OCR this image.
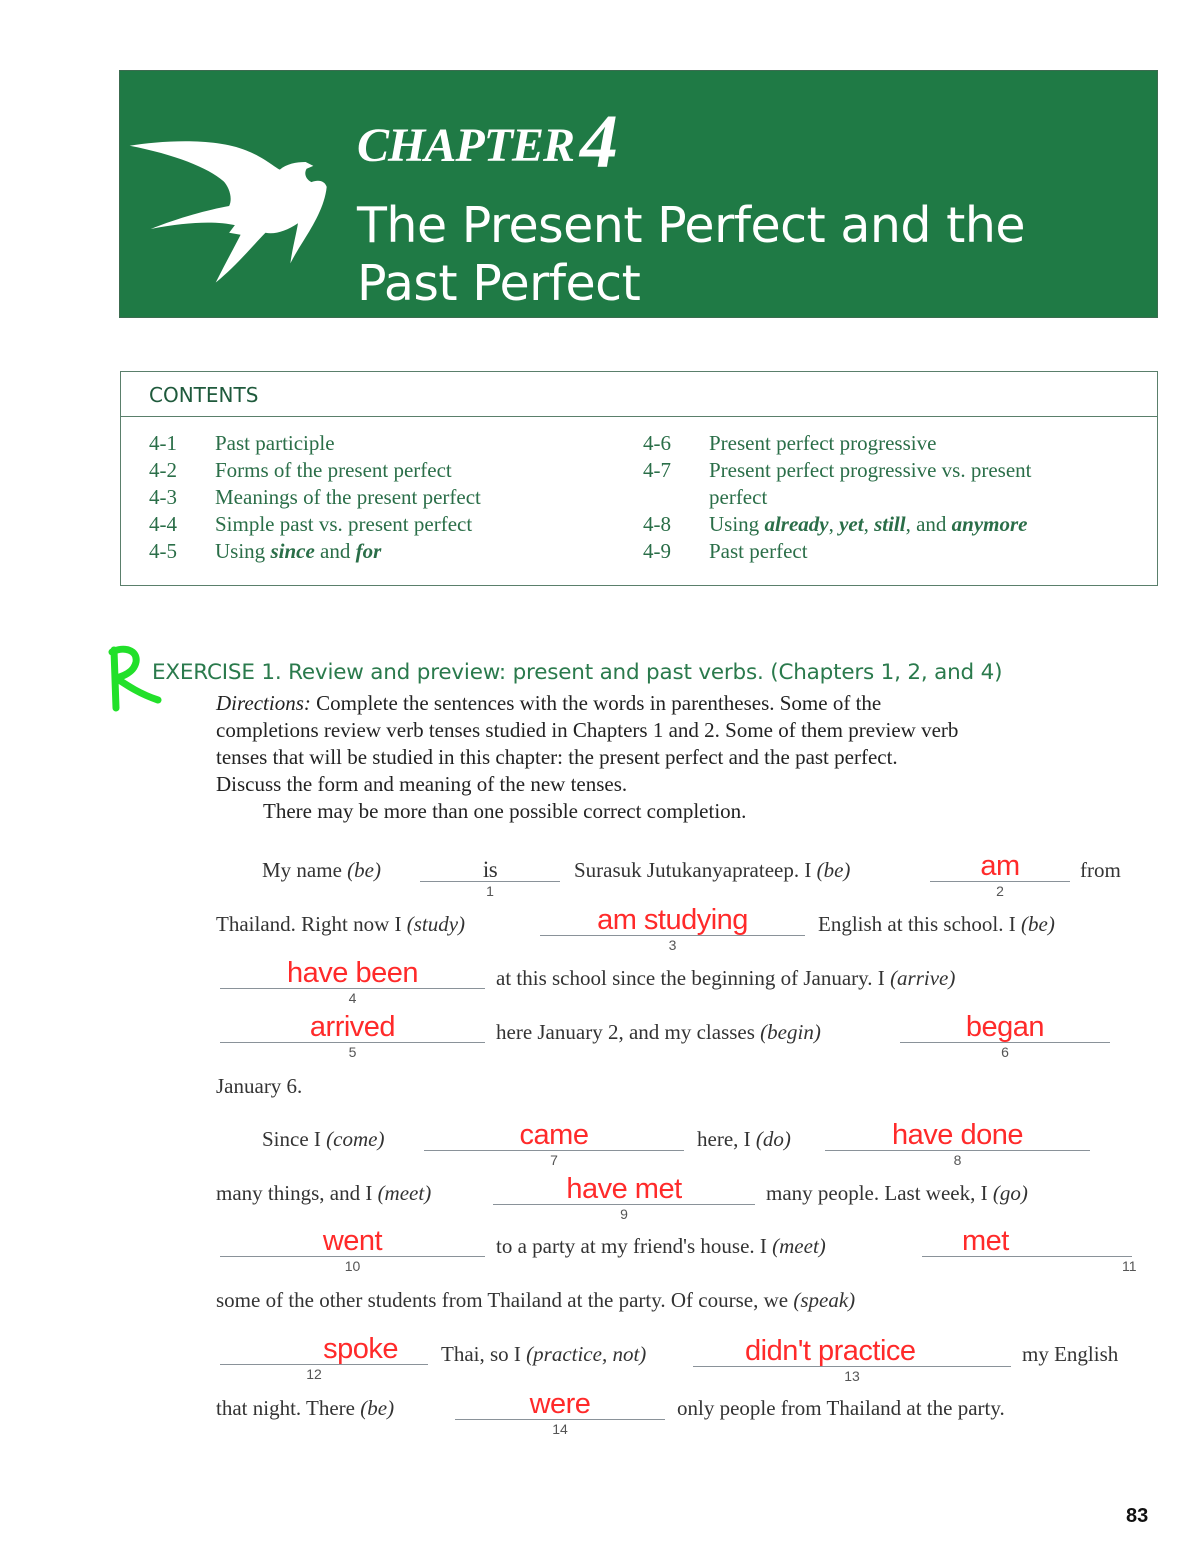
CHAPTER4
The Present Perfect and the
Past Perfect
CONTENTS
4-1	Past participle
4-2	Forms of the present perfect
4-3	Meanings of the present perfect
4-4	Simple past vs. present perfect
4-5	Using since and for
4-6	Present perfect progressive
4-7	Present perfect progressive vs. present
perfect
4-8	Using already, yet, still, and anymore
4-9	Past perfect
EXERCISE 1. Review and preview: present and past verbs. (Chapters 1, 2, and 4)

Directions: Complete the sentences with the words in parentheses. Some of the

completions review verb tenses studied in Chapters 1 and 2. Some of them preview verb

tenses that will be studied in this chapter: the present perfect and the past perfect.

Discuss the form and meaning of the new tenses.

There may be more than one possible correct completion.

My name (be)	is
1
Surasuk Jutukanyaprateep. I (be)	am
2
from
Thailand. Right now I (study)	am studying
3
English at this school. I (be)
have been
4
at this school since the beginning of January. I (arrive)
arrived
5
here January 2, and my classes (begin)	began
6
January 6.
Since I (come)	came
7
here, I (do)	have done
8
many things, and I (meet)	have met
9
many people. Last week, I (go)
went
10
to a party at my friend's house. I (meet)	met
11
some of the other students from Thailand at the party. Of course, we (speak)
spoke
12
Thai, so I (practice, not)	didn't practice
13
my English
that night. There (be)	were
14
only people from Thailand at the party.
83
